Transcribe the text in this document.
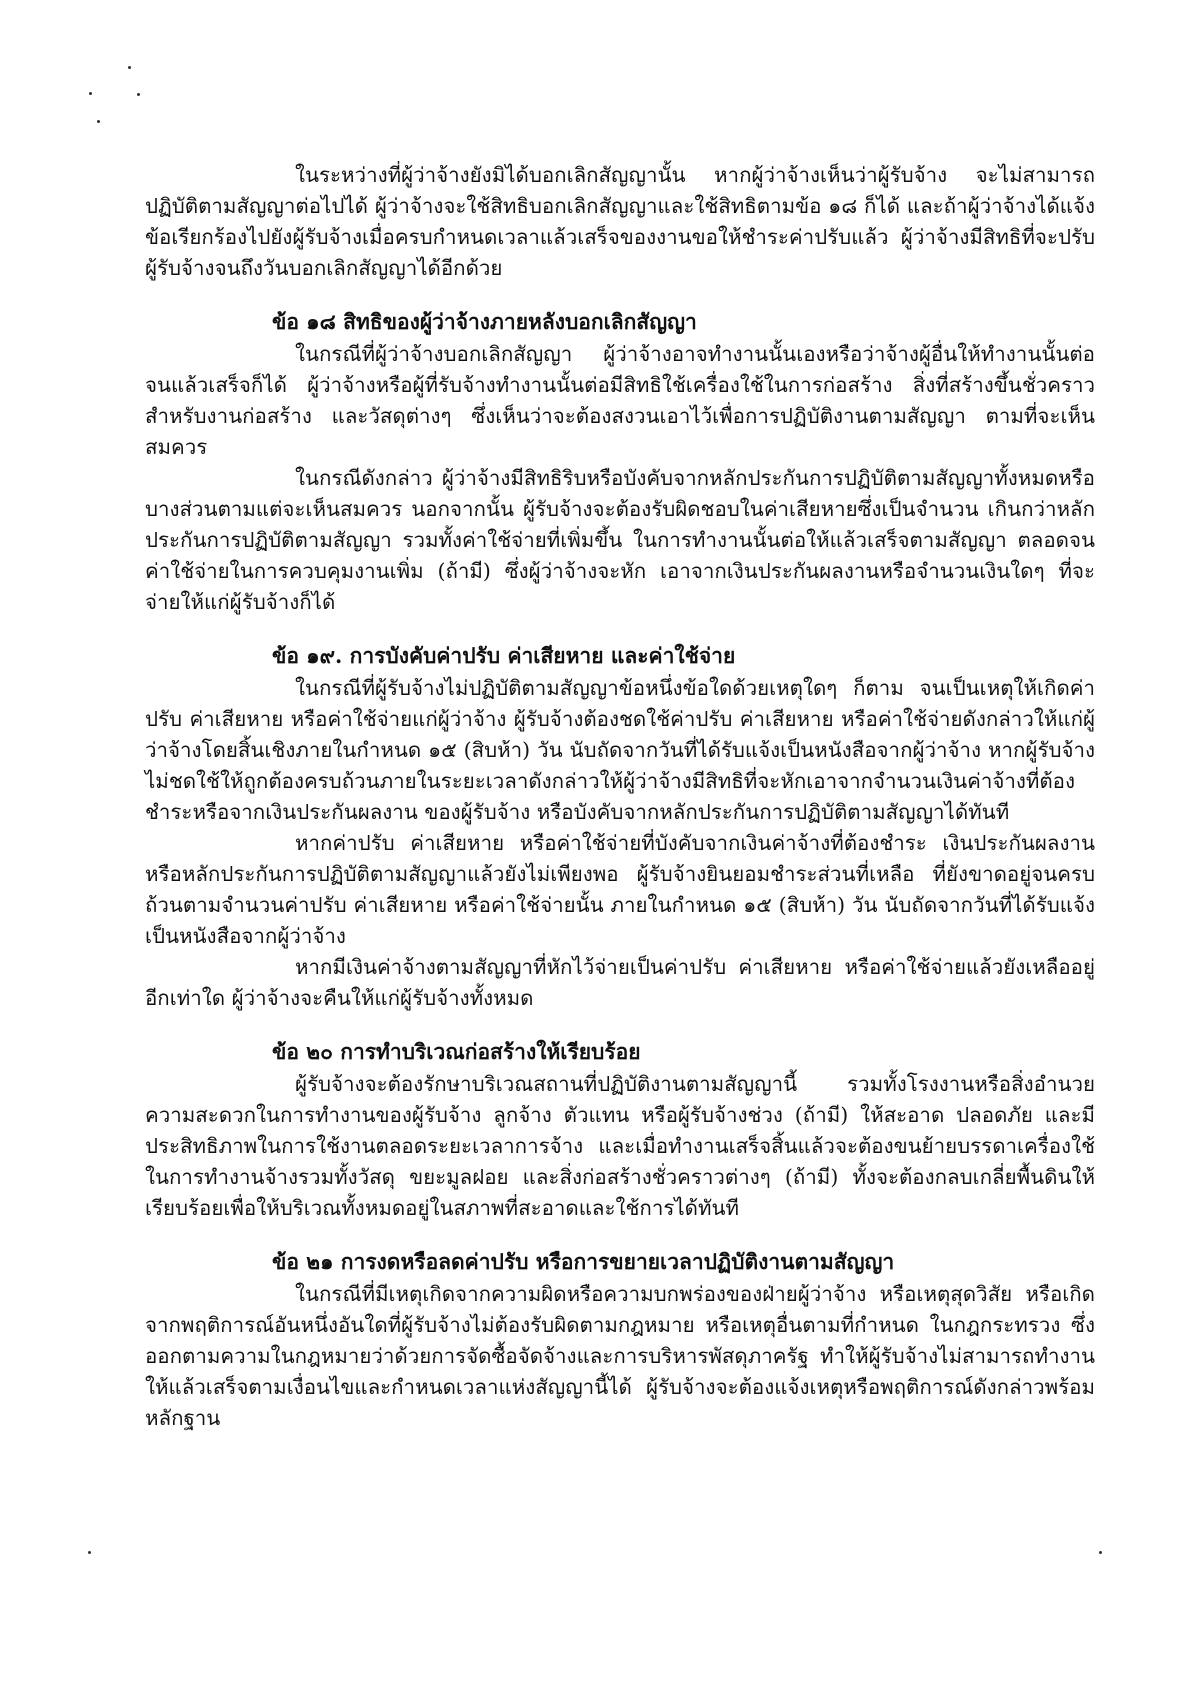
ในระหว่างที่ผู้ว่าจ้างยังมิได้บอกเลิกสัญญานั้น หากผู้ว่าจ้างเห็นว่าผู้รับจ้าง จะไม่สามารถปฏิบัติตามสัญญาต่อไปได้ ผู้ว่าจ้างจะใช้สิทธิบอกเลิกสัญญาและใช้สิทธิตามข้อ ๑๘ ก็ได้ และถ้าผู้ว่าจ้างได้แจ้งข้อเรียกร้องไปยังผู้รับจ้างเมื่อครบกำหนดเวลาแล้วเสร็จของงานขอให้ชำระค่าปรับแล้ว ผู้ว่าจ้างมีสิทธิที่จะปรับผู้รับจ้างจนถึงวันบอกเลิกสัญญาได้อีกด้วย

ข้อ ๑๘ สิทธิของผู้ว่าจ้างภายหลังบอกเลิกสัญญา

ในกรณีที่ผู้ว่าจ้างบอกเลิกสัญญา ผู้ว่าจ้างอาจทำงานนั้นเองหรือว่าจ้างผู้อื่นให้ทำงานนั้นต่อจนแล้วเสร็จก็ได้ ผู้ว่าจ้างหรือผู้ที่รับจ้างทำงานนั้นต่อมีสิทธิใช้เครื่องใช้ในการก่อสร้าง สิ่งที่สร้างขึ้นชั่วคราวสำหรับงานก่อสร้าง และวัสดุต่างๆ ซึ่งเห็นว่าจะต้องสงวนเอาไว้เพื่อการปฏิบัติงานตามสัญญา ตามที่จะเห็นสมควร

ในกรณีดังกล่าว ผู้ว่าจ้างมีสิทธิริบหรือบังคับจากหลักประกันการปฏิบัติตามสัญญาทั้งหมดหรือบางส่วนตามแต่จะเห็นสมควร นอกจากนั้น ผู้รับจ้างจะต้องรับผิดชอบในค่าเสียหายซึ่งเป็นจำนวน เกินกว่าหลักประกันการปฏิบัติตามสัญญา รวมทั้งค่าใช้จ่ายที่เพิ่มขึ้น ในการทำงานนั้นต่อให้แล้วเสร็จตามสัญญา ตลอดจนค่าใช้จ่ายในการควบคุมงานเพิ่ม (ถ้ามี) ซึ่งผู้ว่าจ้างจะหัก เอาจากเงินประกันผลงานหรือจำนวนเงินใดๆ ที่จะจ่ายให้แก่ผู้รับจ้างก็ได้

ข้อ ๑๙. การบังคับค่าปรับ ค่าเสียหาย และค่าใช้จ่าย

ในกรณีที่ผู้รับจ้างไม่ปฏิบัติตามสัญญาข้อหนึ่งข้อใดด้วยเหตุใดๆ ก็ตาม จนเป็นเหตุให้เกิดค่าปรับ ค่าเสียหาย หรือค่าใช้จ่ายแก่ผู้ว่าจ้าง ผู้รับจ้างต้องชดใช้ค่าปรับ ค่าเสียหาย หรือค่าใช้จ่ายดังกล่าวให้แก่ผู้ว่าจ้างโดยสิ้นเชิงภายในกำหนด ๑๕ (สิบห้า) วัน นับถัดจากวันที่ได้รับแจ้งเป็นหนังสือจากผู้ว่าจ้าง หากผู้รับจ้างไม่ชดใช้ให้ถูกต้องครบถ้วนภายในระยะเวลาดังกล่าวให้ผู้ว่าจ้างมีสิทธิที่จะหักเอาจากจำนวนเงินค่าจ้างที่ต้องชำระหรือจากเงินประกันผลงาน ของผู้รับจ้าง หรือบังคับจากหลักประกันการปฏิบัติตามสัญญาได้ทันที

หากค่าปรับ ค่าเสียหาย หรือค่าใช้จ่ายที่บังคับจากเงินค่าจ้างที่ต้องชำระ เงินประกันผลงานหรือหลักประกันการปฏิบัติตามสัญญาแล้วยังไม่เพียงพอ ผู้รับจ้างยินยอมชำระส่วนที่เหลือ ที่ยังขาดอยู่จนครบถ้วนตามจำนวนค่าปรับ ค่าเสียหาย หรือค่าใช้จ่ายนั้น ภายในกำหนด ๑๕ (สิบห้า) วัน นับถัดจากวันที่ได้รับแจ้งเป็นหนังสือจากผู้ว่าจ้าง

หากมีเงินค่าจ้างตามสัญญาที่หักไว้จ่ายเป็นค่าปรับ ค่าเสียหาย หรือค่าใช้จ่ายแล้วยังเหลืออยู่อีกเท่าใด ผู้ว่าจ้างจะคืนให้แก่ผู้รับจ้างทั้งหมด

ข้อ ๒๐ การทำบริเวณก่อสร้างให้เรียบร้อย

ผู้รับจ้างจะต้องรักษาบริเวณสถานที่ปฏิบัติงานตามสัญญานี้ รวมทั้งโรงงานหรือสิ่งอำนวยความสะดวกในการทำงานของผู้รับจ้าง ลูกจ้าง ตัวแทน หรือผู้รับจ้างช่วง (ถ้ามี) ให้สะอาด ปลอดภัย และมีประสิทธิภาพในการใช้งานตลอดระยะเวลาการจ้าง และเมื่อทำงานเสร็จสิ้นแล้วจะต้องขนย้ายบรรดาเครื่องใช้ในการทำงานจ้างรวมทั้งวัสดุ ขยะมูลฝอย และสิ่งก่อสร้างชั่วคราวต่างๆ (ถ้ามี) ทั้งจะต้องกลบเกลี่ยพื้นดินให้เรียบร้อยเพื่อให้บริเวณทั้งหมดอยู่ในสภาพที่สะอาดและใช้การได้ทันที

ข้อ ๒๑ การงดหรือลดค่าปรับ หรือการขยายเวลาปฏิบัติงานตามสัญญา

ในกรณีที่มีเหตุเกิดจากความผิดหรือความบกพร่องของฝ่ายผู้ว่าจ้าง หรือเหตุสุดวิสัย หรือเกิดจากพฤติการณ์อันหนึ่งอันใดที่ผู้รับจ้างไม่ต้องรับผิดตามกฎหมาย หรือเหตุอื่นตามที่กำหนด ในกฎกระทรวง ซึ่งออกตามความในกฎหมายว่าด้วยการจัดซื้อจัดจ้างและการบริหารพัสดุภาครัฐ ทำให้ผู้รับจ้างไม่สามารถทำงานให้แล้วเสร็จตามเงื่อนไขและกำหนดเวลาแห่งสัญญานี้ได้ ผู้รับจ้างจะต้องแจ้งเหตุหรือพฤติการณ์ดังกล่าวพร้อมหลักฐาน
